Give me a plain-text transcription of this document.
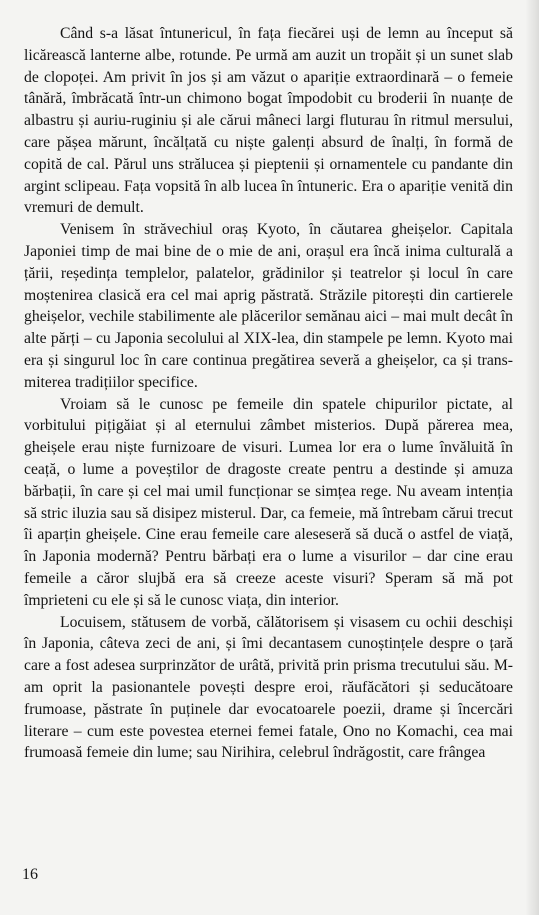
Când s-a lăsat întunericul, în fața fiecărei uși de lemn au început să licărească lanterne albe, rotunde. Pe urmă am auzit un tropăit și un sunet slab de clopoței. Am privit în jos și am văzut o apariție extraordinară – o femeie tânără, îmbrăcată într-un chimono bogat împodobit cu broderii în nuanțe de albastru și auriu-ruginiu și ale cărui mâneci largi fluturau în ritmul mersului, care pășea mărunt, încălțată cu niște galenți absurd de înalți, în formă de copită de cal. Părul uns strălucea și pieptenii și ornamentele cu pandante din argint sclipeau. Fața vopsită în alb lucea în întuneric. Era o apariție venită din vremuri de demult.

Venisem în străvechiul oraș Kyoto, în căutarea gheișelor. Capitala Japoniei timp de mai bine de o mie de ani, orașul era încă inima culturală a țării, reședința templelor, palatelor, grădinilor și teatrelor și locul în care moștenirea clasică era cel mai aprig păstrată. Străzile pitorești din cartierele gheișelor, vechile stabilimente ale plăcerilor semănau aici – mai mult decât în alte părți – cu Japonia secolului al XIX-lea, din stampele pe lemn. Kyoto mai era și singurul loc în care continua pregătirea severă a gheișelor, ca și transmiterea tradițiilor specifice.

Vroiam să le cunosc pe femeile din spatele chipurilor pictate, al vorbitului pițigăiat și al eternului zâmbet misterios. După părerea mea, gheișele erau niște furnizoare de visuri. Lumea lor era o lume învăluită în ceață, o lume a poveștilor de dragoste create pentru a destinde și amuza bărbații, în care și cel mai umil funcționar se simțea rege. Nu aveam intenția să stric iluzia sau să disipez misterul. Dar, ca femeie, mă întrebam cărui trecut îi aparțin gheișele. Cine erau femeile care aleseseră să ducă o astfel de viață, în Japonia modernă? Pentru bărbați era o lume a visurilor – dar cine erau femeile a căror slujbă era să creeze aceste visuri? Speram să mă pot împrieteni cu ele și să le cunosc viața, din interior.

Locuisem, stătusem de vorbă, călătorisem și visasem cu ochii deschiși în Japonia, câteva zeci de ani, și îmi decantasem cunoștințele despre o țară care a fost adesea surprinzător de urâtă, privită prin prisma trecutului său. M-am oprit la pasionantele povești despre eroi, răufăcători și seducătoare frumoase, păstrate în puținele dar evocatoarele poezii, drame și încercări literare – cum este povestea eternei femei fatale, Ono no Komachi, cea mai frumoasă femeie din lume; sau Nirihira, celebrul îndrăgostit, care frângea

16
